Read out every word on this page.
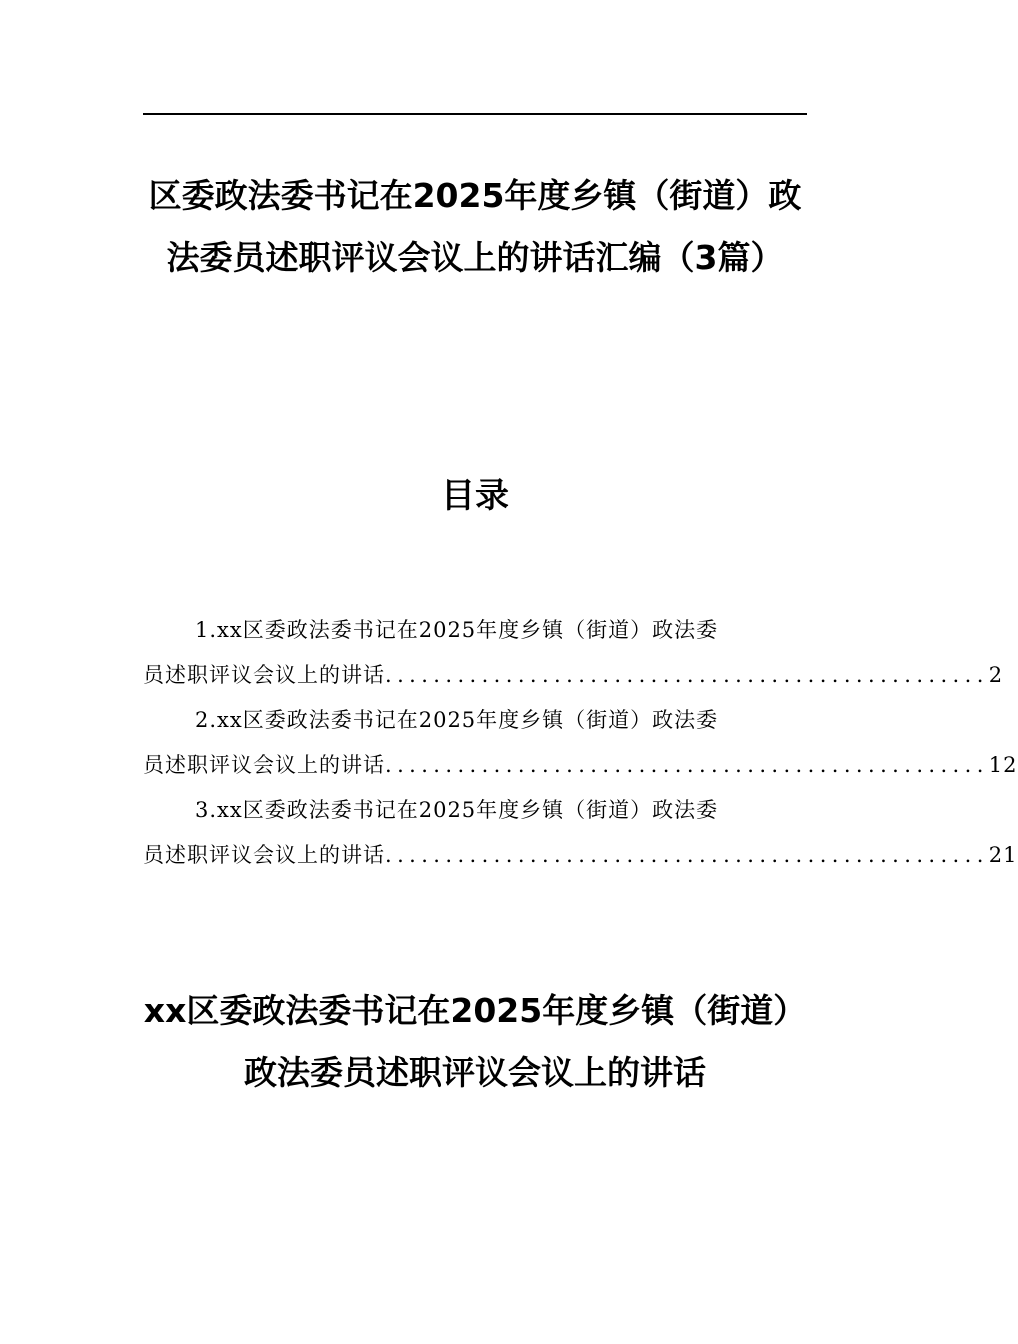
区委政法委书记在2025年度乡镇（街道）政法委员述职评议会议上的讲话汇编（3篇）
目录
1.xx区委政法委书记在2025年度乡镇（街道）政法委
员述职评议会议上的讲话 .................................................. 2
2.xx区委政法委书记在2025年度乡镇（街道）政法委
员述职评议会议上的讲话 .................................................. 12
3.xx区委政法委书记在2025年度乡镇（街道）政法委
员述职评议会议上的讲话 .................................................. 21
xx区委政法委书记在2025年度乡镇（街道）政法委员述职评议会议上的讲话
